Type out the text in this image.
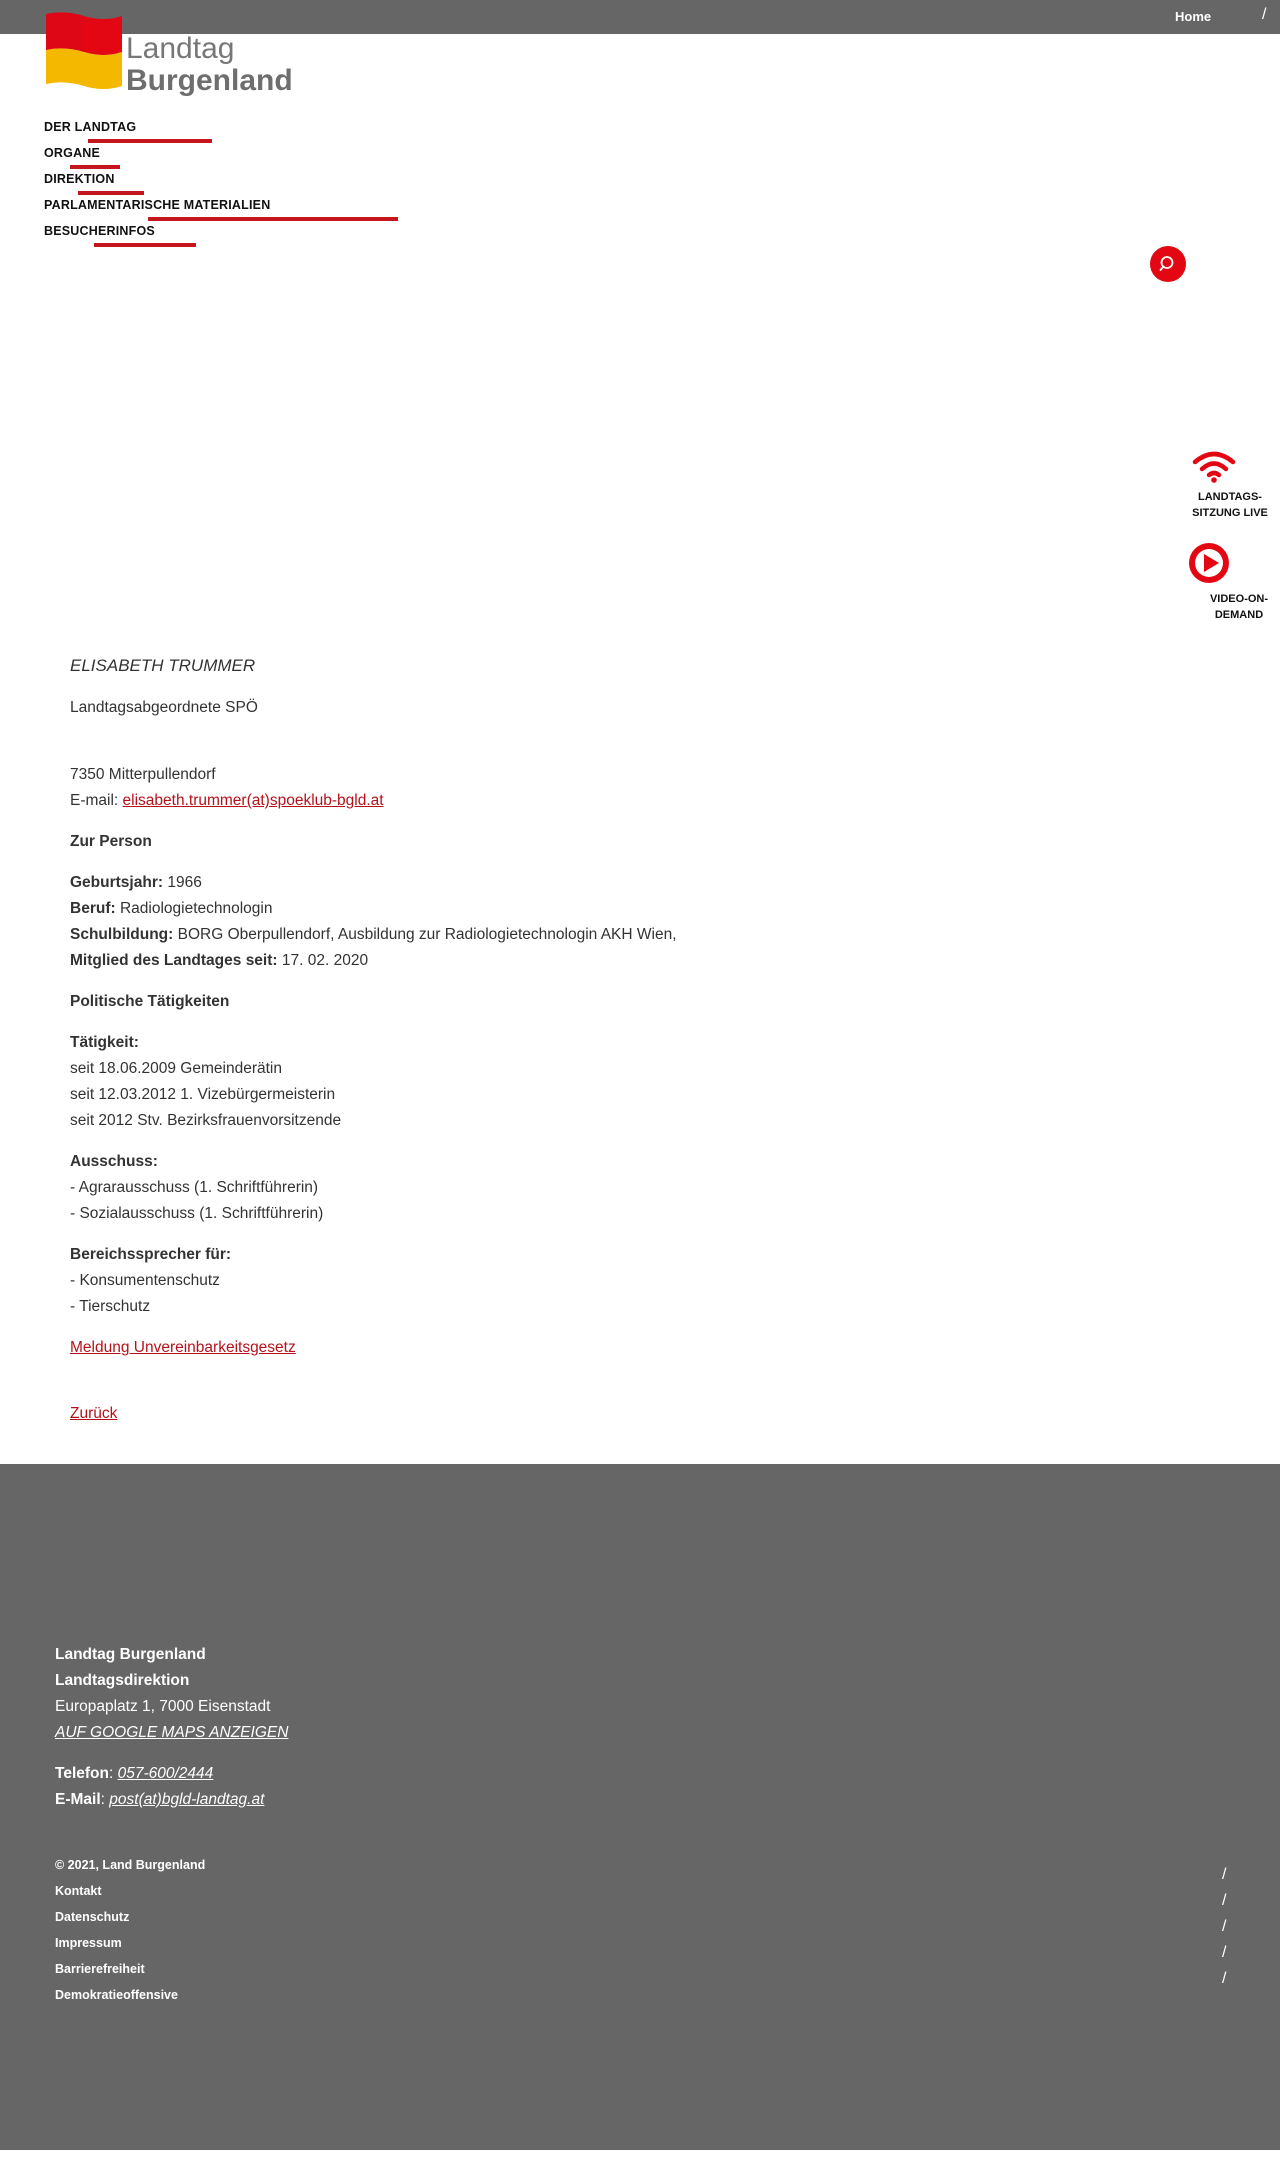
Home	/
Landtag
Burgenland
DER LANDTAG
ORGANE
DIREKTION
PARLAMENTARISCHE MATERIALIEN
BESUCHERINFOS
LANDTAGS-
SITZUNG LIVE
VIDEO-ON-
DEMAND
ELISABETH TRUMMER
Landtagsabgeordnete SPÖ
7350 Mitterpullendorf
E-mail: elisabeth.trummer(at)spoeklub-bgld.at
Zur Person
Geburtsjahr: 1966
Beruf: Radiologietechnologin
Schulbildung: BORG Oberpullendorf, Ausbildung zur Radiologietechnologin AKH Wien,
Mitglied des Landtages seit: 17. 02. 2020
Politische Tätigkeiten
Tätigkeit:
seit 18.06.2009 Gemeinderätin
seit 12.03.2012 1. Vizebürgermeisterin
seit 2012 Stv. Bezirksfrauenvorsitzende
Ausschuss:
- Agrarausschuss (1. Schriftführerin)
- Sozialausschuss (1. Schriftführerin)
Bereichssprecher für:
- Konsumentenschutz
- Tierschutz
Meldung Unvereinbarkeitsgesetz
Zurück
Landtag Burgenland
Landtagsdirektion
Europaplatz 1, 7000 Eisenstadt
AUF GOOGLE MAPS ANZEIGEN
Telefon: 057-600/2444
E-Mail: post(at)bgld-landtag.at
© 2021, Land Burgenland
Kontakt
Datenschutz
Impressum
Barrierefreiheit
Demokratieoffensive
/
/
/
/
/
